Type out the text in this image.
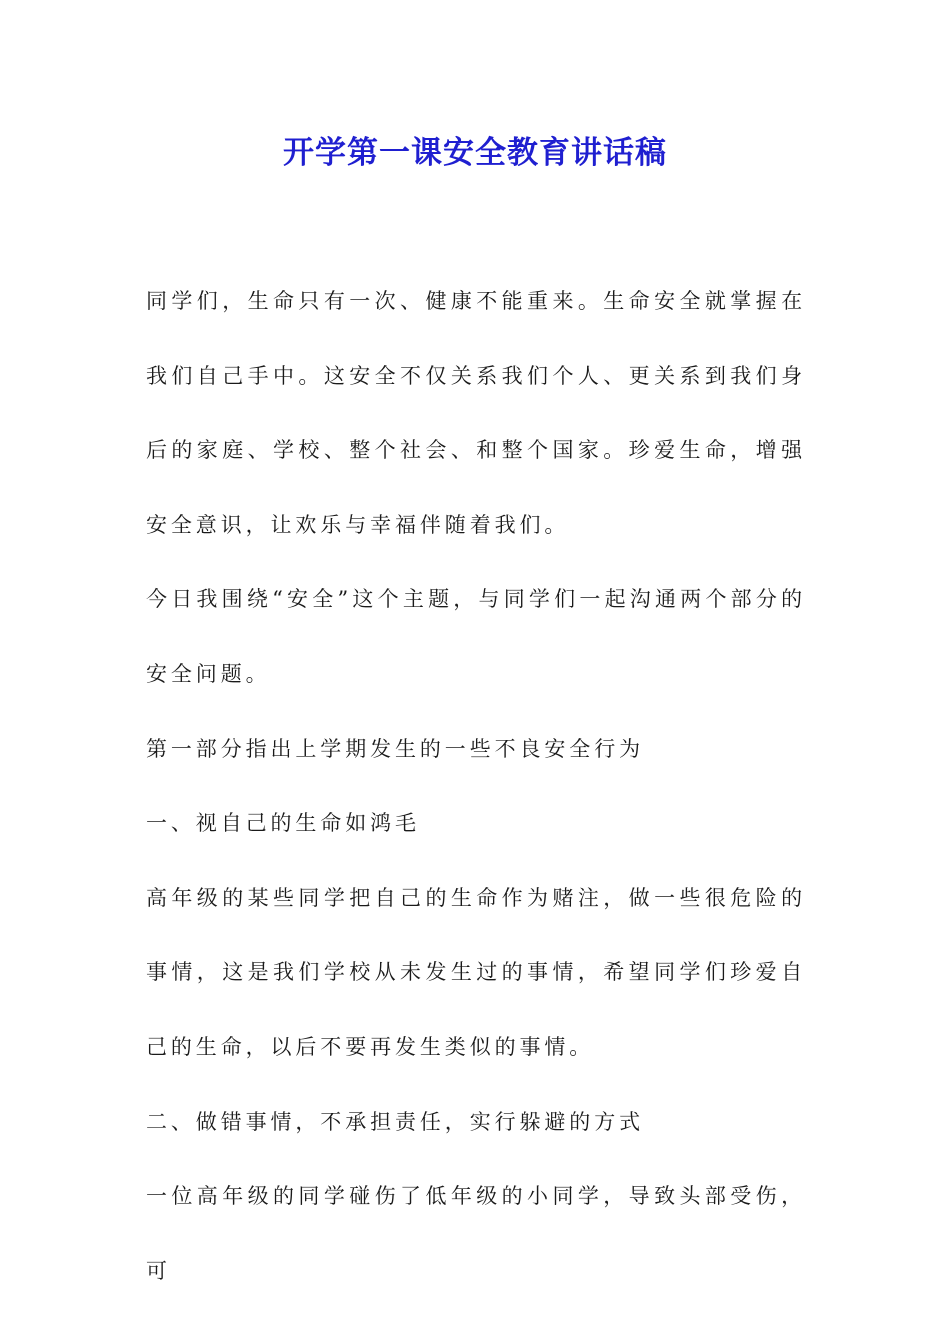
开学第一课安全教育讲话稿

同学们，生命只有一次、健康不能重来。生命安全就掌握在我们自己手中。这安全不仅关系我们个人、更关系到我们身后的家庭、学校、整个社会、和整个国家。珍爱生命，增强安全意识，让欢乐与幸福伴随着我们。

今日我围绕“安全”这个主题，与同学们一起沟通两个部分的安全问题。

第一部分指出上学期发生的一些不良安全行为

一、视自己的生命如鸿毛

高年级的某些同学把自己的生命作为赌注，做一些很危险的事情，这是我们学校从未发生过的事情，希望同学们珍爱自己的生命，以后不要再发生类似的事情。

二、做错事情，不承担责任，实行躲避的方式

一位高年级的同学碰伤了低年级的小同学，导致头部受伤，可
